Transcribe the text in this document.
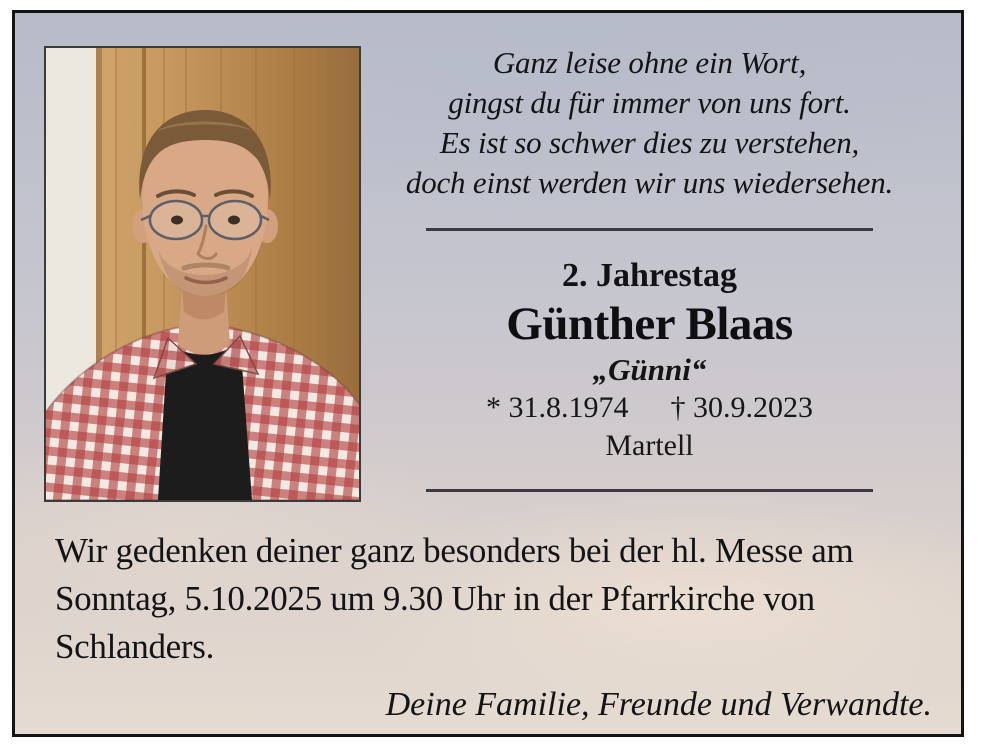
Ganz leise ohne ein Wort,
gingst du für immer von uns fort.
Es ist so schwer dies zu verstehen,
doch einst werden wir uns wiedersehen.
2. Jahrestag
Günther Blaas
„Günni“
* 31.8.1974 † 30.9.2023
Martell
Wir gedenken deiner ganz besonders bei der hl. Messe am Sonntag, 5.10.2025 um 9.30 Uhr in der Pfarrkirche von Schlanders.
Deine Familie, Freunde und Verwandte.
